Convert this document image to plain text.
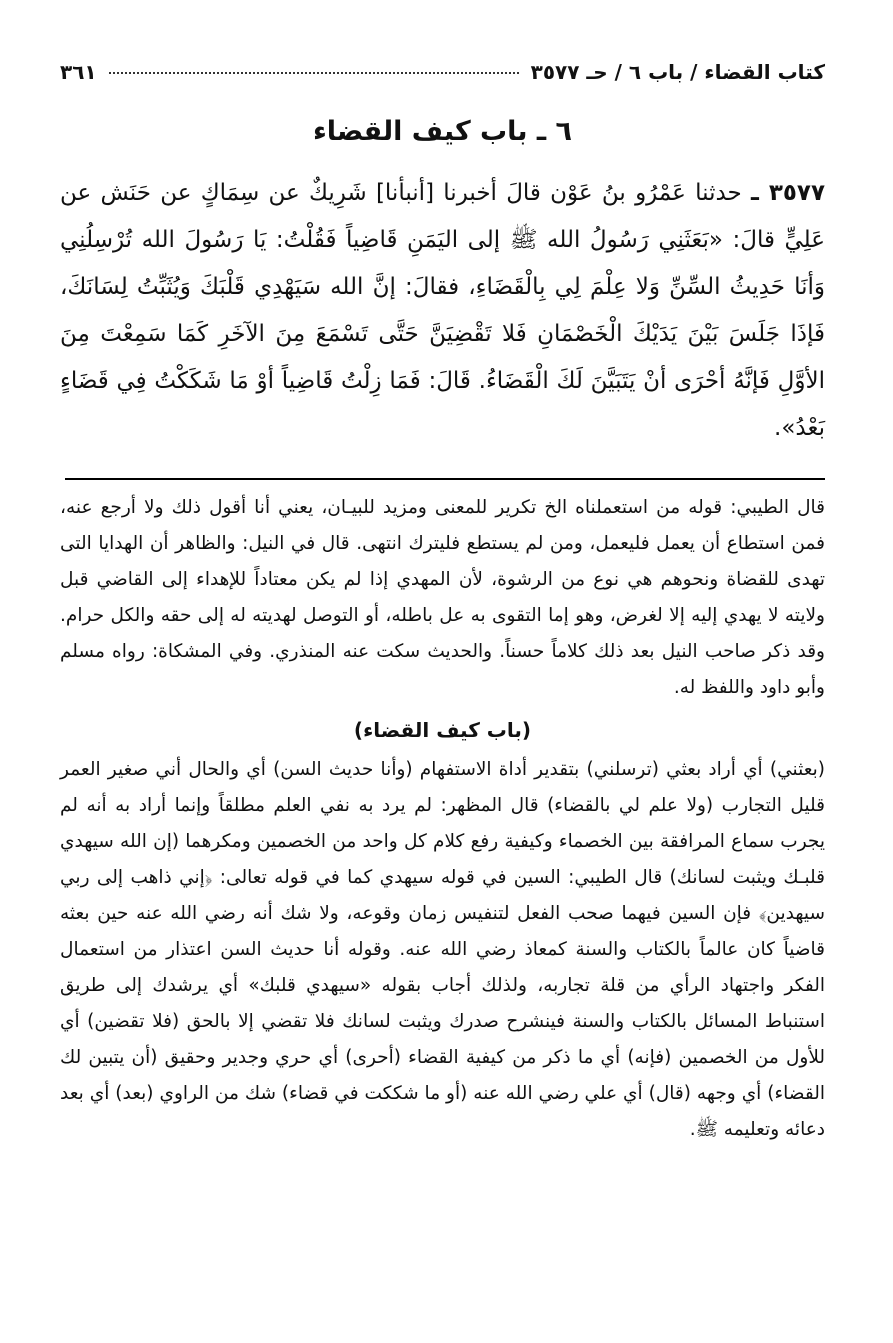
كتاب القضاء / باب ٦ / حـ ٣٥٧٧
٣٦١
٦ ـ باب كيف القضاء
٣٥٧٧ ـ حدثنا عَمْرُو بنُ عَوْن قالَ أخبرنا [أنبأنا] شَرِيكٌ عن سِمَاكٍ عن حَنَش عن عَلِيٍّ قالَ: «بَعَثَنِي رَسُولُ الله ﷺ إلى اليَمَنِ قَاضِياً فَقُلْتُ: يَا رَسُولَ الله تُرْسِلُنِي وَأنَا حَدِيثُ السِّنِّ وَلا عِلْمَ لِي بِالْقَضَاءِ، فقالَ: إنَّ الله سَيَهْدِي قَلْبَكَ وَيُثَبِّتُ لِسَانَكَ، فَإذَا جَلَسَ بَيْنَ يَدَيْكَ الْخَصْمَانِ فَلا تَقْضِيَنَّ حَتَّى تَسْمَعَ مِنَ الآخَرِ كَمَا سَمِعْتَ مِنَ الأوَّلِ فَإنَّهُ أحْرَى أنْ يَتَبَيَّنَ لَكَ الْقَضَاءُ. قَالَ: فَمَا زِلْتُ قَاضِياً أوْ مَا شَكَكْتُ فِي قَضَاءٍ بَعْدُ».
قال الطيبي: قوله من استعملناه الخ تكرير للمعنى ومزيد للبيـان، يعني أنا أقول ذلك ولا أرجع عنه، فمن استطاع أن يعمل فليعمل، ومن لم يستطع فليترك انتهى. قال في النيل: والظاهر أن الهدايا التى تهدى للقضاة ونحوهم هي نوع من الرشوة، لأن المهدي إذا لم يكن معتاداً للإهداء إلى القاضي قبل ولايته لا يهدي إليه إلا لغرض، وهو إما التقوى به عل باطله، أو التوصل لهديته له إلى حقه والكل حرام. وقد ذكر صاحب النيل بعد ذلك كلاماً حسناً. والحديث سكت عنه المنذري. وفي المشكاة: رواه مسلم وأبو داود واللفظ له.
(باب كيف القضاء)
(بعثني) أي أراد بعثي (ترسلني) بتقدير أداة الاستفهام (وأنا حديث السن) أي والحال أني صغير العمر قليل التجارب (ولا علم لي بالقضاء) قال المظهر: لم يرد به نفي العلم مطلقاً وإنما أراد به أنه لم يجرب سماع المرافقة بين الخصماء وكيفية رفع كلام كل واحد من الخصمين ومكرهما (إن الله سيهدي قلبـك ويثبت لسانك) قال الطيبي: السين في قوله سيهدي كما في قوله تعالى: ﴿إني ذاهب إلى ربي سيهدين﴾ فإن السين فيهما صحب الفعل لتنفيس زمان وقوعه، ولا شك أنه رضي الله عنه حين بعثه قاضياً كان عالماً بالكتاب والسنة كمعاذ رضي الله عنه. وقوله أنا حديث السن اعتذار من استعمال الفكر واجتهاد الرأي من قلة تجاربه، ولذلك أجاب بقوله «سيهدي قلبك» أي يرشدك إلى طريق استنباط المسائل بالكتاب والسنة فينشرح صدرك ويثبت لسانك فلا تقضي إلا بالحق (فلا تقضين) أي للأول من الخصمين (فإنه) أي ما ذكر من كيفية القضاء (أحرى) أي حري وجدير وحقيق (أن يتبين لك القضاء) أي وجهه (قال) أي علي رضي الله عنه (أو ما شككت في قضاء) شك من الراوي (بعد) أي بعد دعائه وتعليمه ﷺ.
